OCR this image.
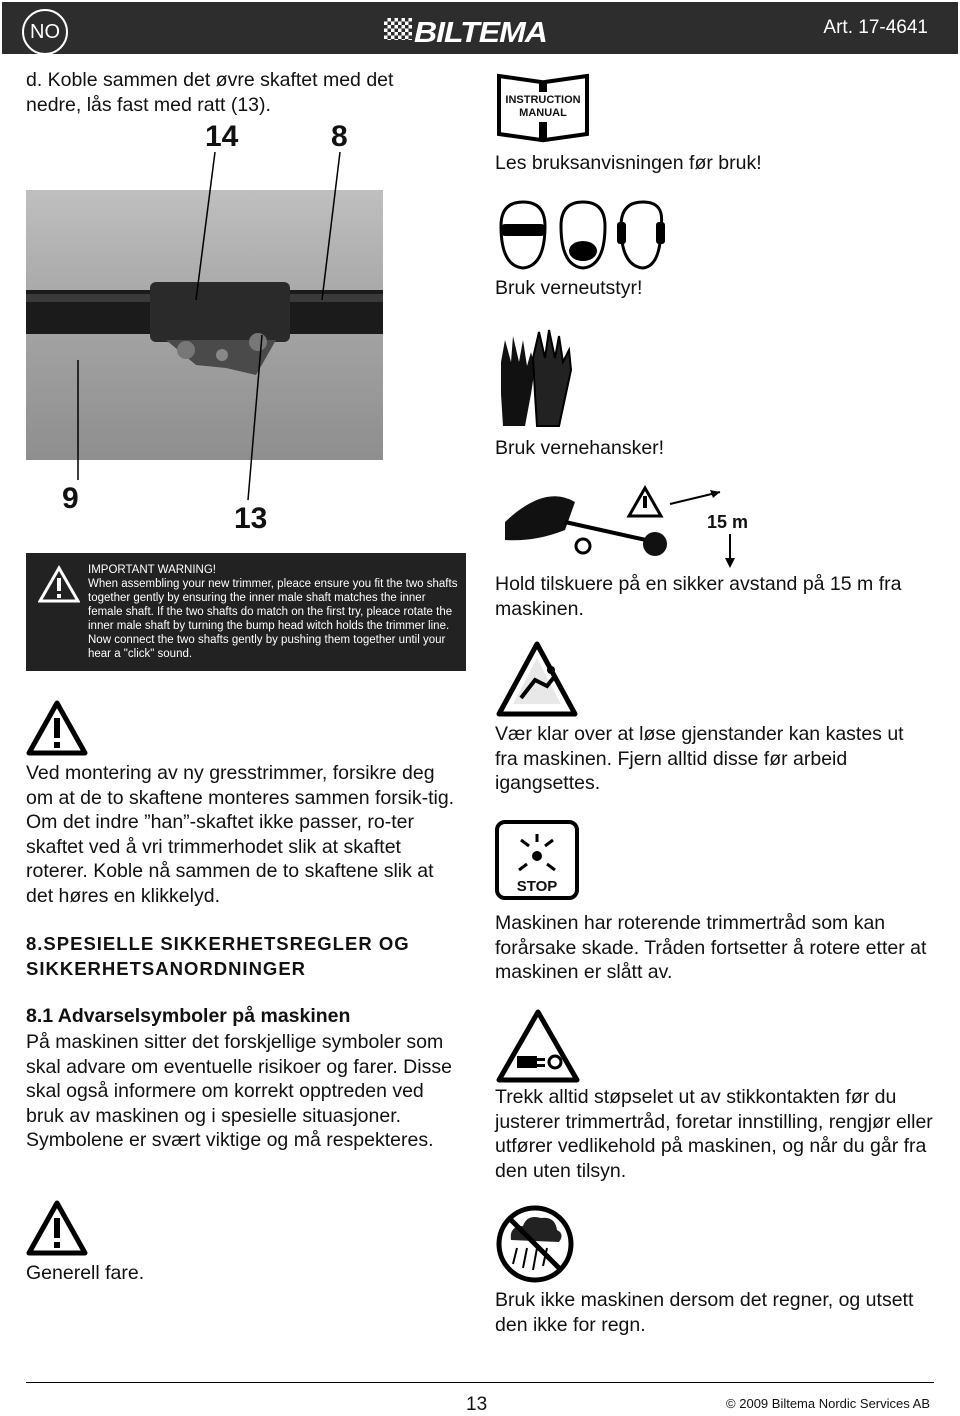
NO	BILTEMA	Art. 17-4641
d. Koble sammen det øvre skaftet med det nedre, lås fast med ratt (13).
14	8
9
13
IMPORTANT WARNING!
When assembling your new trimmer, pleace ensure you fit the two shafts together gently by ensuring the inner male shaft matches the inner female shaft. If the two shafts do match on the first try, pleace rotate the inner male shaft by turning the bump head witch holds the trimmer line. Now connect the two shafts gently by pushing them together until your hear a "click" sound.
Ved montering av ny gresstrimmer, forsikre deg om at de to skaftene monteres sammen forsik-tig. Om det indre ”han”-skaftet ikke passer, ro-ter skaftet ved å vri trimmerhodet slik at skaftet roterer. Koble nå sammen de to skaftene slik at det høres en klikkelyd.
8.SPESIELLE SIKKERHETSREGLER OG SIKKERHETSANORDNINGER
8.1 Advarselsymboler på maskinen
På maskinen sitter det forskjellige symboler som skal advare om eventuelle risikoer og farer. Disse skal også informere om korrekt opptreden ved bruk av maskinen og i spesielle situasjoner. Symbolene er svært viktige og må respekteres.
Generell fare.
INSTRUCTION
MANUAL
Les bruksanvisningen før bruk!
Bruk verneutstyr!
Bruk vernehansker!
15 m
Hold tilskuere på en sikker avstand på 15 m fra maskinen.
Vær klar over at løse gjenstander kan kastes ut fra maskinen. Fjern alltid disse før arbeid igangsettes.
STOP
Maskinen har roterende trimmertråd som kan forårsake skade. Tråden fortsetter å rotere etter at maskinen er slått av.
Trekk alltid støpselet ut av stikkontakten før du justerer trimmertråd, foretar innstilling, rengjør eller utfører vedlikehold på maskinen, og når du går fra den uten tilsyn.
Bruk ikke maskinen dersom det regner, og utsett den ikke for regn.
13	© 2009 Biltema Nordic Services AB
